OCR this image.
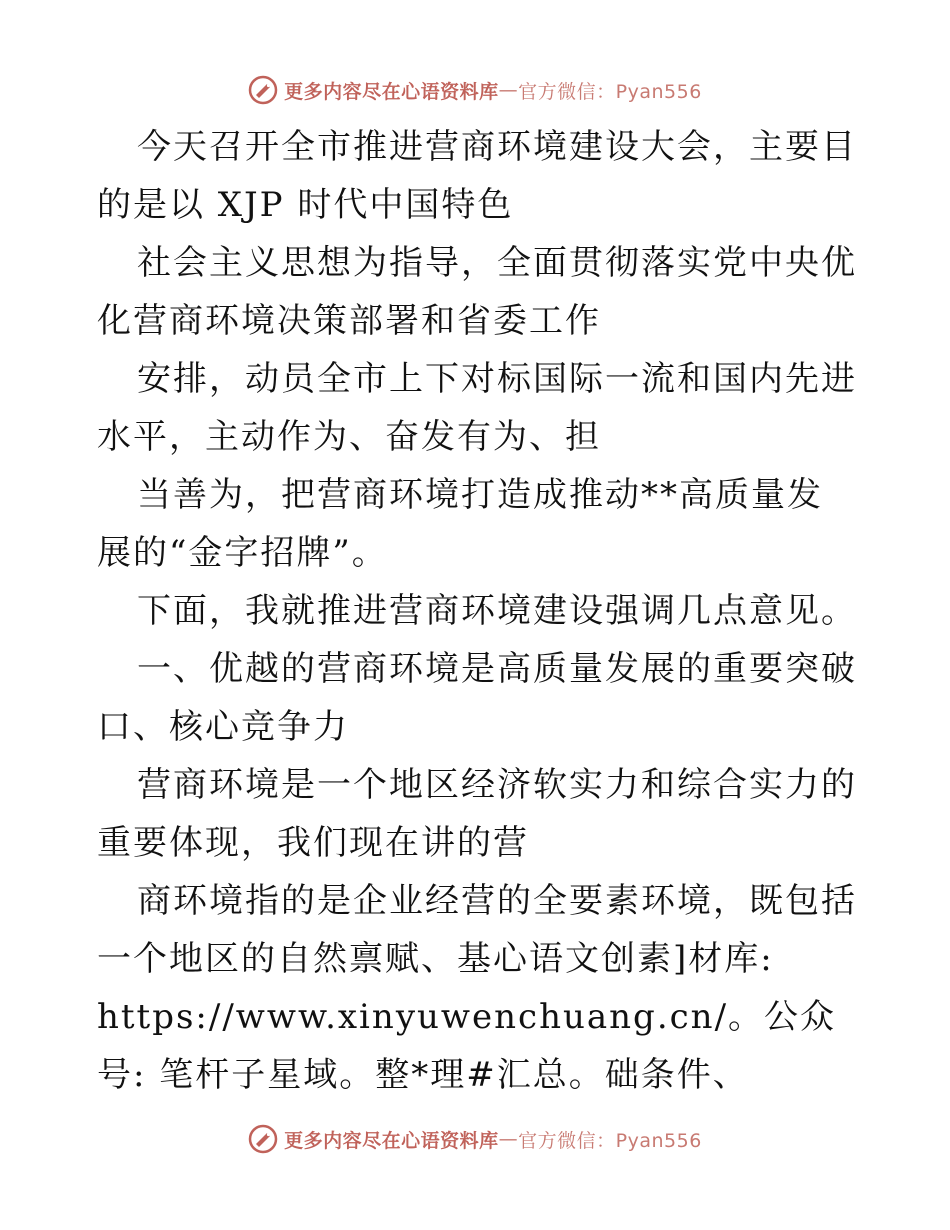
更多内容尽在心语资料库 — 官方微信：Pyan556

今天召开全市推进营商环境建设大会，主要目的是以 XJP 时代中国特色

社会主义思想为指导，全面贯彻落实党中央优化营商环境决策部署和省委工作

安排，动员全市上下对标国际一流和国内先进水平，主动作为、奋发有为、担

当善为，把营商环境打造成推动**高质量发展的“金字招牌”。

下面，我就推进营商环境建设强调几点意见。

一、优越的营商环境是高质量发展的重要突破口、核心竞争力

营商环境是一个地区经济软实力和综合实力的重要体现，我们现在讲的营

商环境指的是企业经营的全要素环境，既包括一个地区的自然禀赋、基心语文创素]材库:

https://www.xinyuwenchuang.cn/。公众号: 笔杆子星域。整*理#汇总。础条件、

更多内容尽在心语资料库 — 官方微信：Pyan556
